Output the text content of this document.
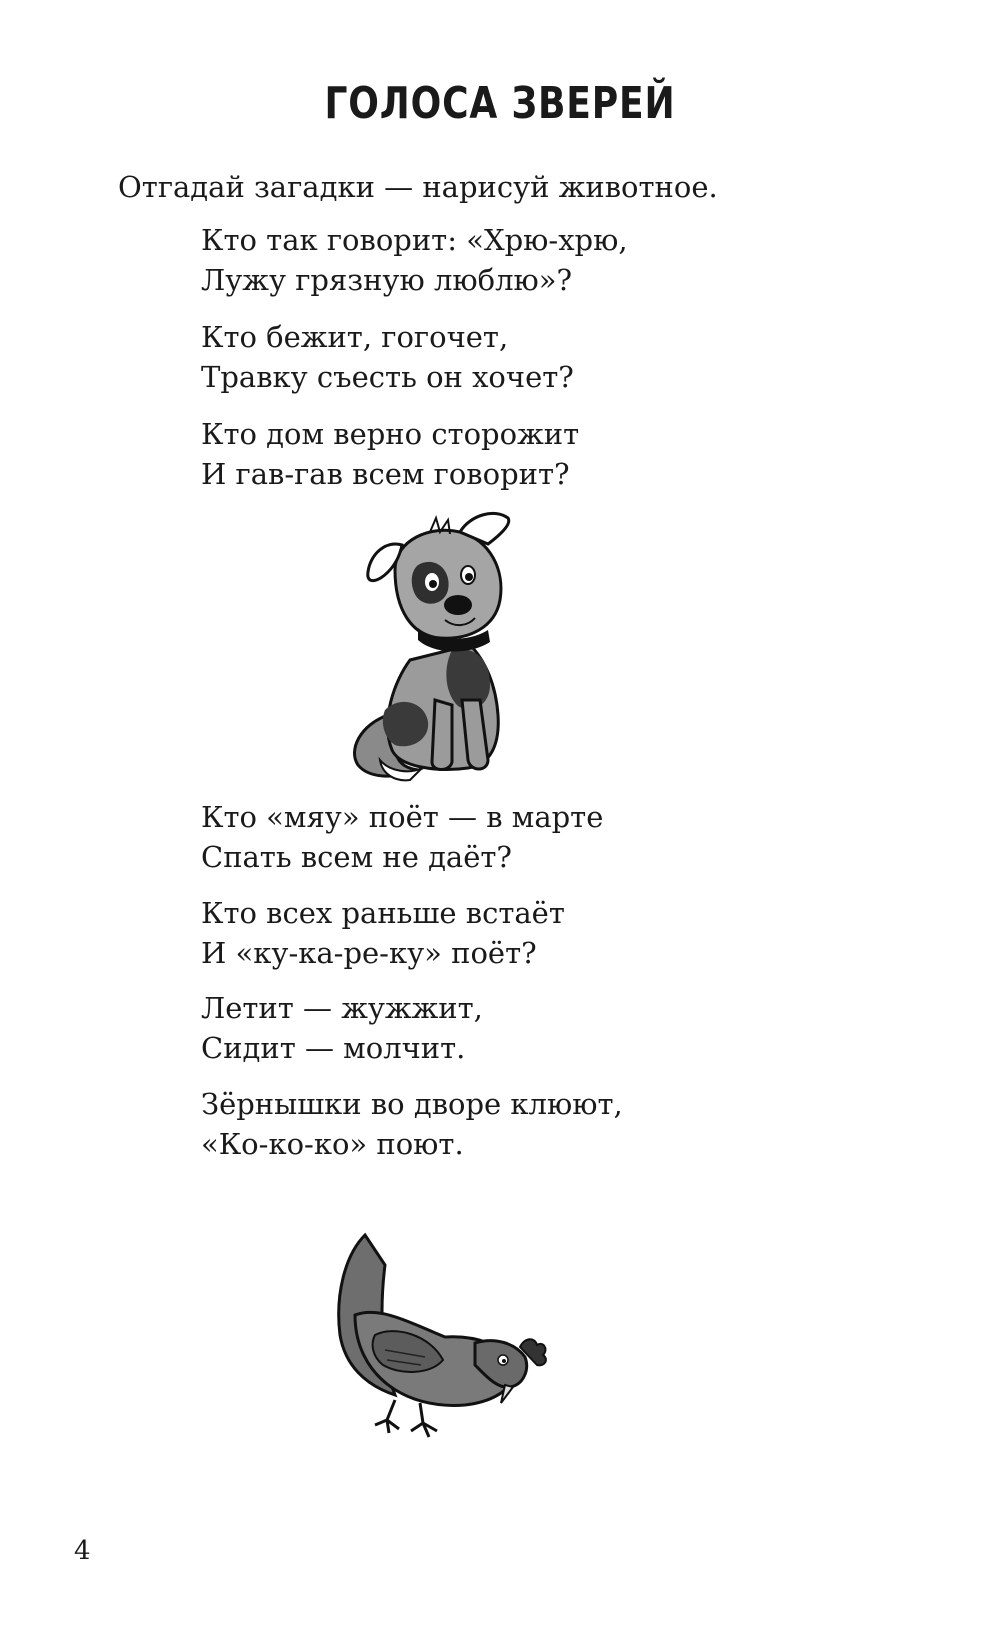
ГОЛОСА ЗВЕРЕЙ
Отгадай загадки — нарисуй животное.
Кто так говорит: «Хрю-хрю,
Лужу грязную люблю»?
Кто бежит, гогочет,
Травку съесть он хочет?
Кто дом верно сторожит
И гав-гав всем говорит?
Кто «мяу» поёт — в марте
Спать всем не даёт?
Кто всех раньше встаёт
И «ку-ка-ре-ку» поёт?
Летит — жужжит,
Сидит — молчит.
Зёрнышки во дворе клюют,
«Ко-ко-ко» поют.
4
